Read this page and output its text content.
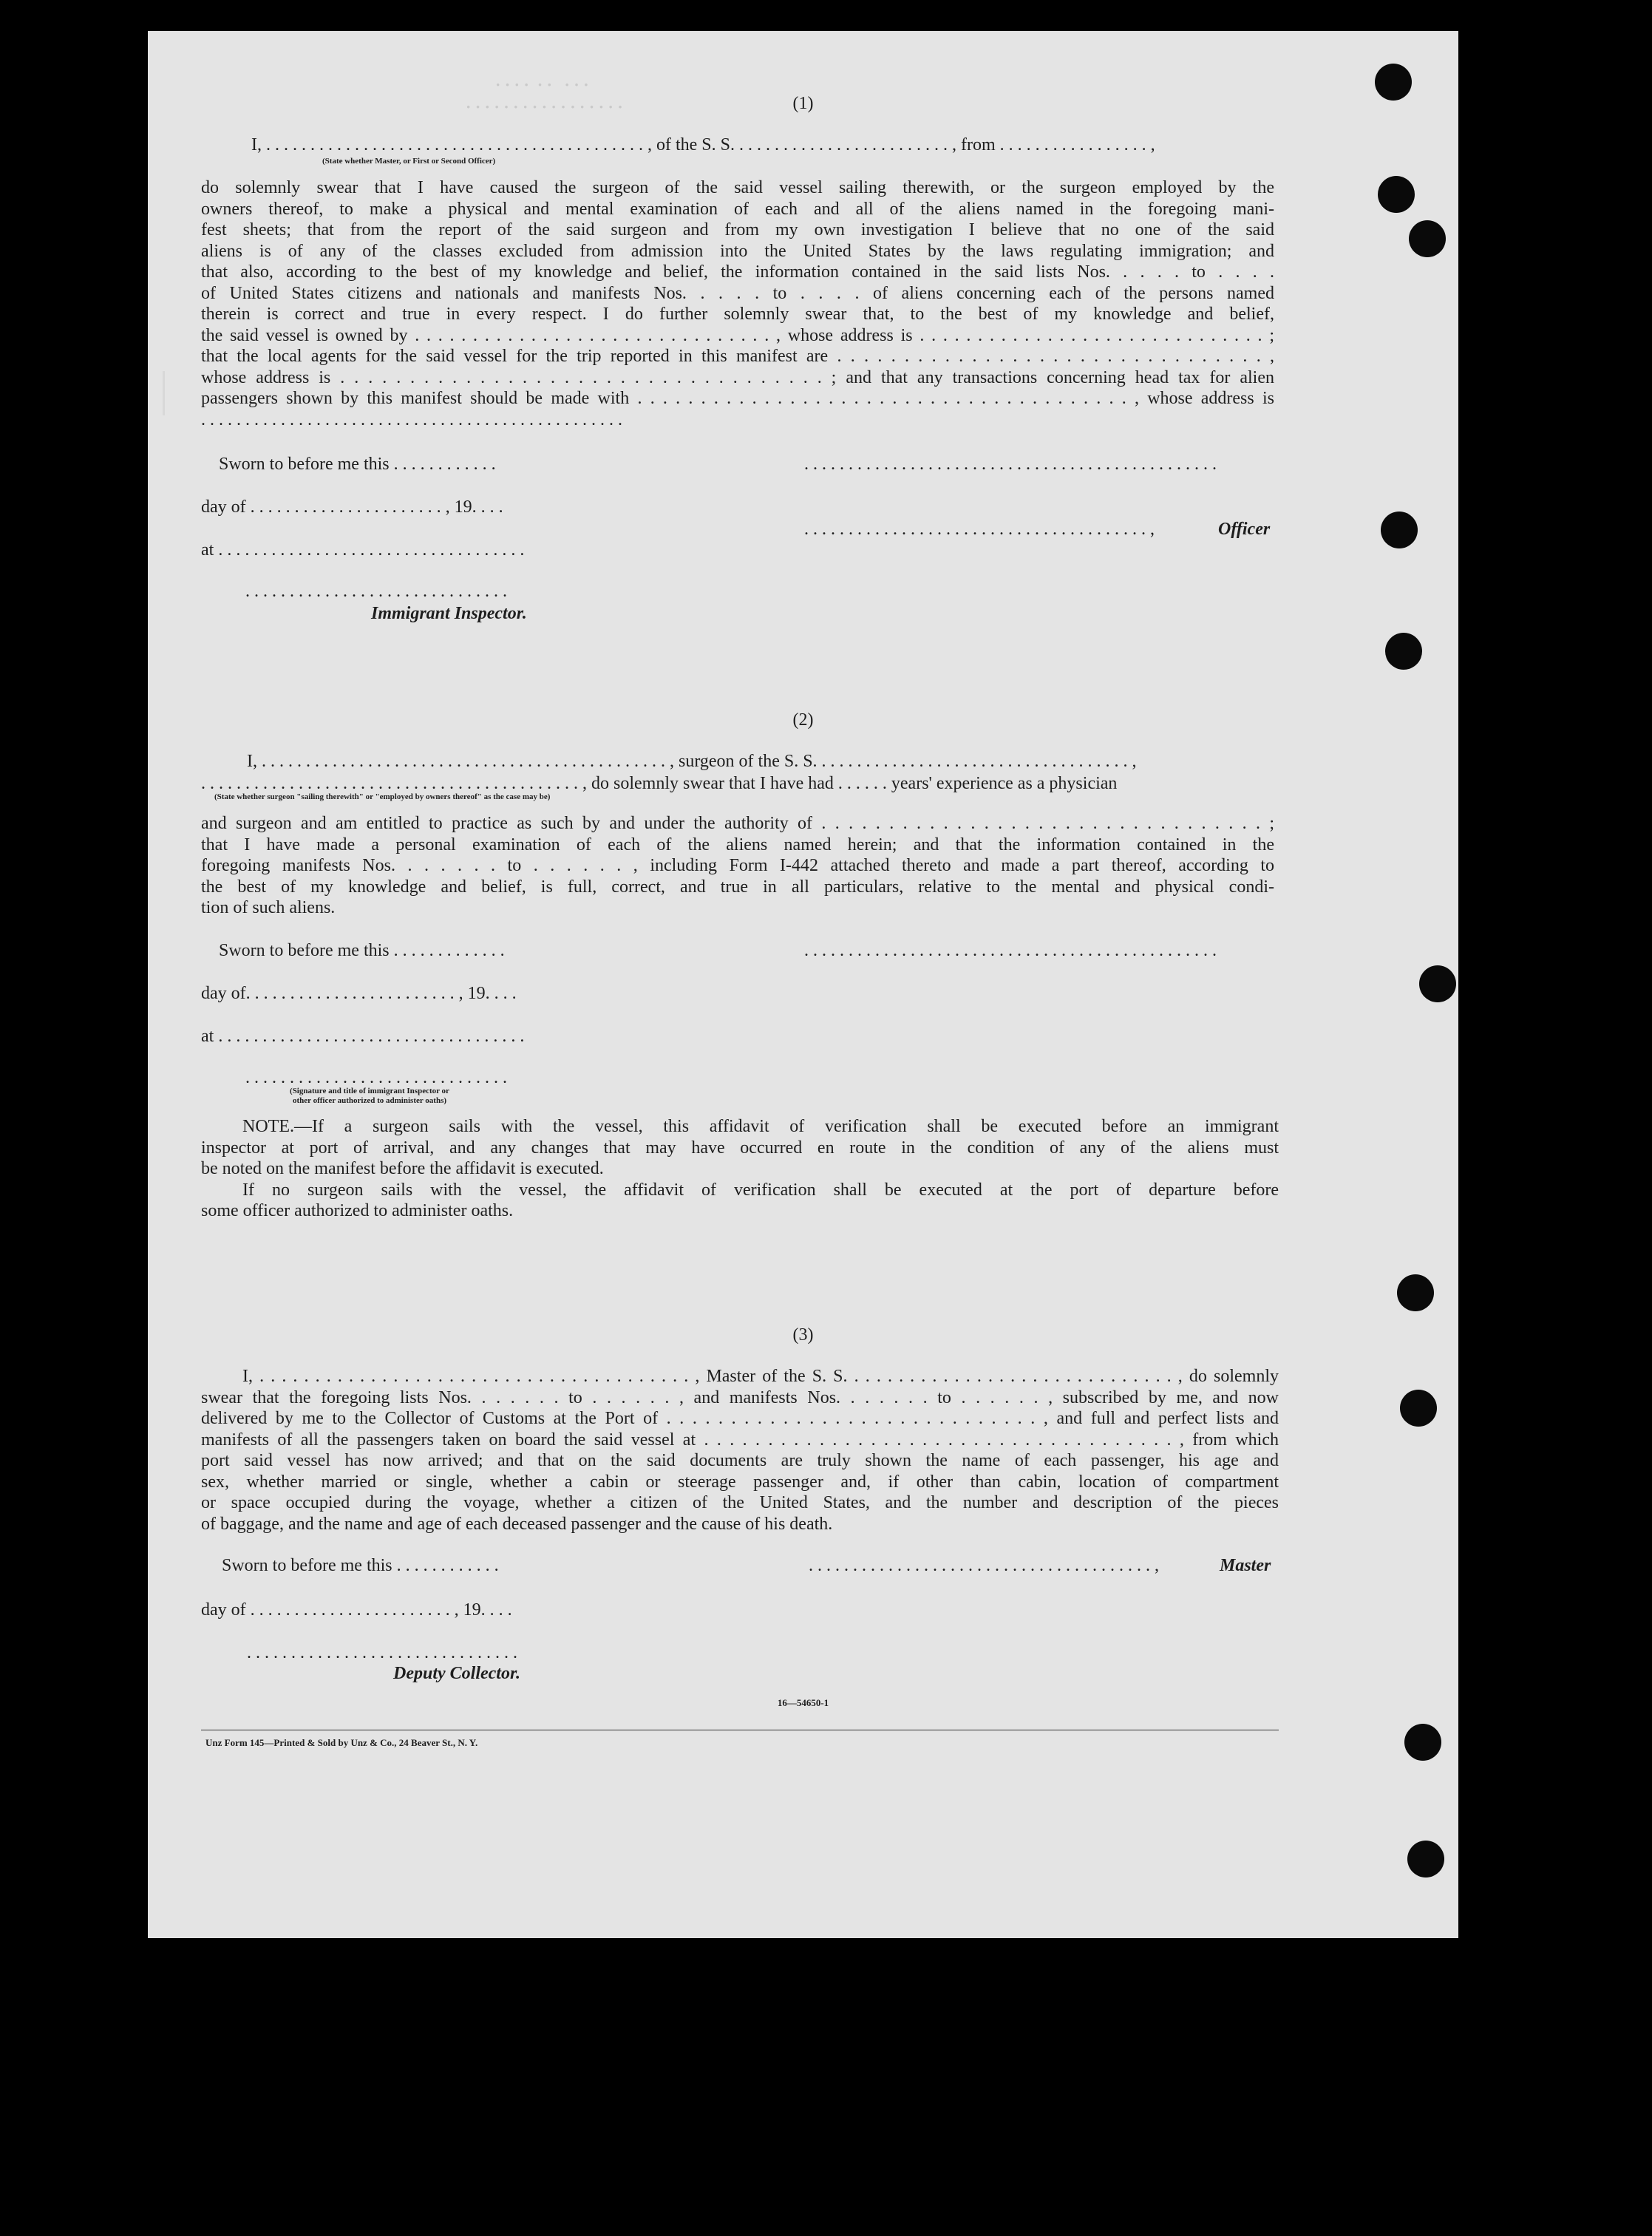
· · · ·  · ·   · · ·
· · · · · · · · · · · · · · · · ·	(1)
I, . . . . . . . . . . . . . . . . . . . . . . . . . . . . . . . . . . . . . . . . . . . , of the S. S. . . . . . . . . . . . . . . . . . . . . . . . . , from . . . . . . . . . . . . . . . . . ,
(State whether Master, or First or Second Officer)
do solemnly swear that I have caused the surgeon of the said vessel sailing therewith, or the surgeon employed by the
owners thereof, to make a physical and mental examination of each and all of the aliens named in the foregoing mani-
fest sheets; that from the report of the said surgeon and from my own investigation I believe that no one of the said
aliens is of any of the classes excluded from admission into the United States by the laws regulating immigration; and
that also, according to the best of my knowledge and belief, the information contained in the said lists Nos. . . . . to . . . .
of United States citizens and nationals and manifests Nos. . . . . to . . . . of aliens concerning each of the persons named
therein is correct and true in every respect. I do further solemnly swear that, to the best of my knowledge and belief,
the said vessel is owned by . . . . . . . . . . . . . . . . . . . . . . . . . . . . . . . , whose address is . . . . . . . . . . . . . . . . . . . . . . . . . . . . . . ;
that the local agents for the said vessel for the trip reported in this manifest are . . . . . . . . . . . . . . . . . . . . . . . . . . . . . . . . ,
whose address is . . . . . . . . . . . . . . . . . . . . . . . . . . . . . . . . . . . ; and that any transactions concerning head tax for alien
passengers shown by this manifest should be made with . . . . . . . . . . . . . . . . . . . . . . . . . . . . . . . . . . . . . . . , whose address is
. . . . . . . . . . . . . . . . . . . . . . . . . . . . . . . . . . . . . . . . . . . . . . . .
Sworn to before me this . . . . . . . . . . . .	. . . . . . . . . . . . . . . . . . . . . . . . . . . . . . . . . . . . . . . . . . . . . . .
day of . . . . . . . . . . . . . . . . . . . . . . , 19. . . .
. . . . . . . . . . . . . . . . . . . . . . . . . . . . . . . . . . . . . . . ,	Officer
at . . . . . . . . . . . . . . . . . . . . . . . . . . . . . . . . . . .
. . . . . . . . . . . . . . . . . . . . . . . . . . . . . .
Immigrant Inspector.
(2)
I, . . . . . . . . . . . . . . . . . . . . . . . . . . . . . . . . . . . . . . . . . . . . . . , surgeon of the S. S. . . . . . . . . . . . . . . . . . . . . . . . . . . . . . . . . . . . ,
. . . . . . . . . . . . . . . . . . . . . . . . . . . . . . . . . . . . . . . . . . . , do solemnly swear that I have had . . . . . . years' experience as a physician
(State whether surgeon "sailing therewith" or "employed by owners thereof" as the case may be)
and surgeon and am entitled to practice as such by and under the authority of . . . . . . . . . . . . . . . . . . . . . . . . . . . . . . . . . ;
that I have made a personal examination of each of the aliens named herein; and that the information contained in the
foregoing manifests Nos. . . . . . . to . . . . . . , including Form I-442 attached thereto and made a part thereof, according to
the best of my knowledge and belief, is full, correct, and true in all particulars, relative to the mental and physical condi-
tion of such aliens.
Sworn to before me this . . . . . . . . . . . . .	. . . . . . . . . . . . . . . . . . . . . . . . . . . . . . . . . . . . . . . . . . . . . . .
day of. . . . . . . . . . . . . . . . . . . . . . . . , 19. . . .
at . . . . . . . . . . . . . . . . . . . . . . . . . . . . . . . . . . .
. . . . . . . . . . . . . . . . . . . . . . . . . . . . . .
(Signature and title of immigrant Inspector or
other officer authorized to administer oaths)
NOTE.—If a surgeon sails with the vessel, this affidavit of verification shall be executed before an immigrant
inspector at port of arrival, and any changes that may have occurred en route in the condition of any of the aliens must
be noted on the manifest before the affidavit is executed.
If no surgeon sails with the vessel, the affidavit of verification shall be executed at the port of departure before
some officer authorized to administer oaths.
(3)
I, . . . . . . . . . . . . . . . . . . . . . . . . . . . . . . . . . . . . . . . , Master of the S. S. . . . . . . . . . . . . . . . . . . . . . . . . . . . . . , do solemnly
swear that the foregoing lists Nos. . . . . . . to . . . . . . , and manifests Nos. . . . . . . to . . . . . . , subscribed by me, and now
delivered by me to the Collector of Customs at the Port of . . . . . . . . . . . . . . . . . . . . . . . . . . . . . , and full and perfect lists and
manifests of all the passengers taken on board the said vessel at . . . . . . . . . . . . . . . . . . . . . . . . . . . . . . . . . . . . . , from which
port said vessel has now arrived; and that on the said documents are truly shown the name of each passenger, his age and
sex, whether married or single, whether a cabin or steerage passenger and, if other than cabin, location of compartment
or space occupied during the voyage, whether a citizen of the United States, and the number and description of the pieces
of baggage, and the name and age of each deceased passenger and the cause of his death.
Sworn to before me this . . . . . . . . . . . .	. . . . . . . . . . . . . . . . . . . . . . . . . . . . . . . . . . . . . . . ,	Master
day of . . . . . . . . . . . . . . . . . . . . . . . , 19. . . .
. . . . . . . . . . . . . . . . . . . . . . . . . . . . . . .
Deputy Collector.
16—54650-1
Unz Form 145—Printed & Sold by Unz & Co., 24 Beaver St., N. Y.
